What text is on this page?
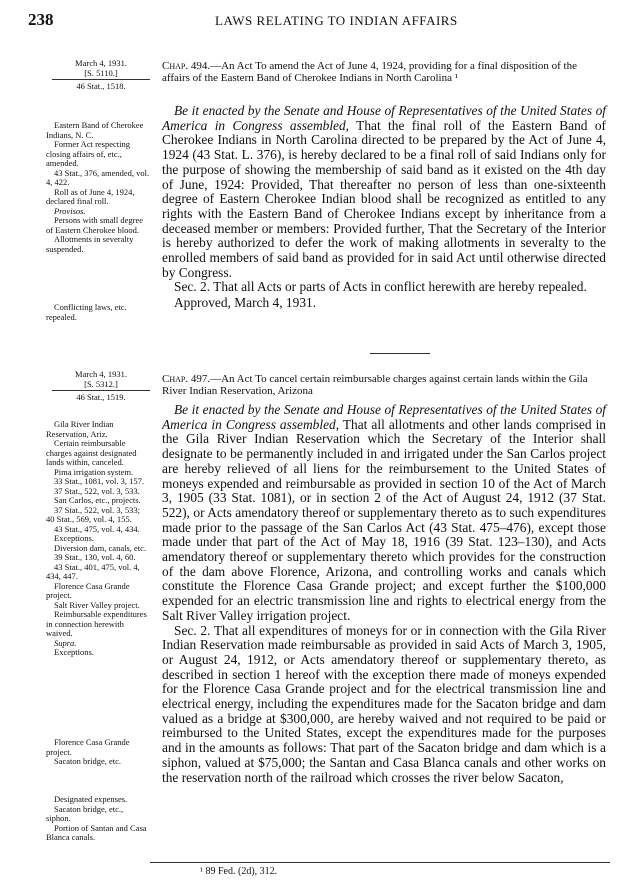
238	LAWS RELATING TO INDIAN AFFAIRS
March 4, 1931.
[S. 5110.]
46 Stat., 1518.
Chap. 494.—An Act To amend the Act of June 4, 1924, providing for a final disposition of the affairs of the Eastern Band of Cherokee Indians in North Carolina ¹
Eastern Band of Cherokee Indians, N. C.
Former Act respecting closing affairs of, etc., amended.
43 Stat., 376, amended, vol. 4, 422.
Roll as of June 4, 1924, declared final roll.
Provisos.
Persons with small degree of Eastern Cherokee blood.
Allotments in severalty suspended.
Conflicting laws, etc. repealed.

Be it enacted by the Senate and House of Representatives of the United States of America in Congress assembled, That the final roll of the Eastern Band of Cherokee Indians in North Carolina directed to be prepared by the Act of June 4, 1924 (43 Stat. L. 376), is hereby declared to be a final roll of said Indians only for the purpose of showing the membership of said band as it existed on the 4th day of June, 1924: Provided, That thereafter no person of less than one-sixteenth degree of Eastern Cherokee Indian blood shall be recognized as entitled to any rights with the Eastern Band of Cherokee Indians except by inheritance from a deceased member or members: Provided further, That the Secretary of the Interior is hereby authorized to defer the work of making allotments in severalty to the enrolled members of said band as provided for in said Act until otherwise directed by Congress.

Sec. 2. That all Acts or parts of Acts in conflict herewith are hereby repealed.

Approved, March 4, 1931.
March 4, 1931.
[S. 5312.]
46 Stat., 1519.
Chap. 497.—An Act To cancel certain reimbursable charges against certain lands within the Gila River Indian Reservation, Arizona
Gila River Indian Reservation, Ariz.
Certain reimbursable charges against designated lands within, canceled.
Pima irrigation system.
33 Stat., 1081, vol. 3, 157.
37 Stat., 522, vol. 3, 533.
San Carlos, etc., projects.
37 Stat., 522, vol. 3, 533; 40 Stat., 569, vol. 4, 155.
43 Stat., 475, vol. 4, 434.
Exceptions.
Diversion dam, canals, etc.
39 Stat., 130, vol. 4, 60.
43 Stat., 401, 475, vol. 4, 434, 447.
Florence Casa Grande project.
Salt River Valley project.
Reimbursable expenditures in connection herewith waived.
Supra.
Exceptions.
Florence Casa Grande project.
Sacaton bridge, etc.
Designated expenses.
Sacaton bridge, etc., siphon.
Portion of Santan and Casa Blanca canals.

Be it enacted by the Senate and House of Representatives of the United States of America in Congress assembled, That all allotments and other lands comprised in the Gila River Indian Reservation which the Secretary of the Interior shall designate to be permanently included in and irrigated under the San Carlos project are hereby relieved of all liens for the reimbursement to the United States of moneys expended and reimbursable as provided in section 10 of the Act of March 3, 1905 (33 Stat. 1081), or in section 2 of the Act of August 24, 1912 (37 Stat. 522), or Acts amendatory thereof or supplementary thereto as to such expenditures made prior to the passage of the San Carlos Act (43 Stat. 475–476), except those made under that part of the Act of May 18, 1916 (39 Stat. 123–130), and Acts amendatory thereof or supplementary thereto which provides for the construction of the dam above Florence, Arizona, and controlling works and canals which constitute the Florence Casa Grande project; and except further the $100,000 expended for an electric transmission line and rights to electrical energy from the Salt River Valley irrigation project.

Sec. 2. That all expenditures of moneys for or in connection with the Gila River Indian Reservation made reimbursable as provided in said Acts of March 3, 1905, or August 24, 1912, or Acts amendatory thereof or supplementary thereto, as described in section 1 hereof with the exception there made of moneys expended for the Florence Casa Grande project and for the electrical transmission line and electrical energy, including the expenditures made for the Sacaton bridge and dam valued as a bridge at $300,000, are hereby waived and not required to be paid or reimbursed to the United States, except the expenditures made for the purposes and in the amounts as follows: That part of the Sacaton bridge and dam which is a siphon, valued at $75,000; the Santan and Casa Blanca canals and other works on the reservation north of the railroad which crosses the river below Sacaton,

¹ 89 Fed. (2d), 312.
